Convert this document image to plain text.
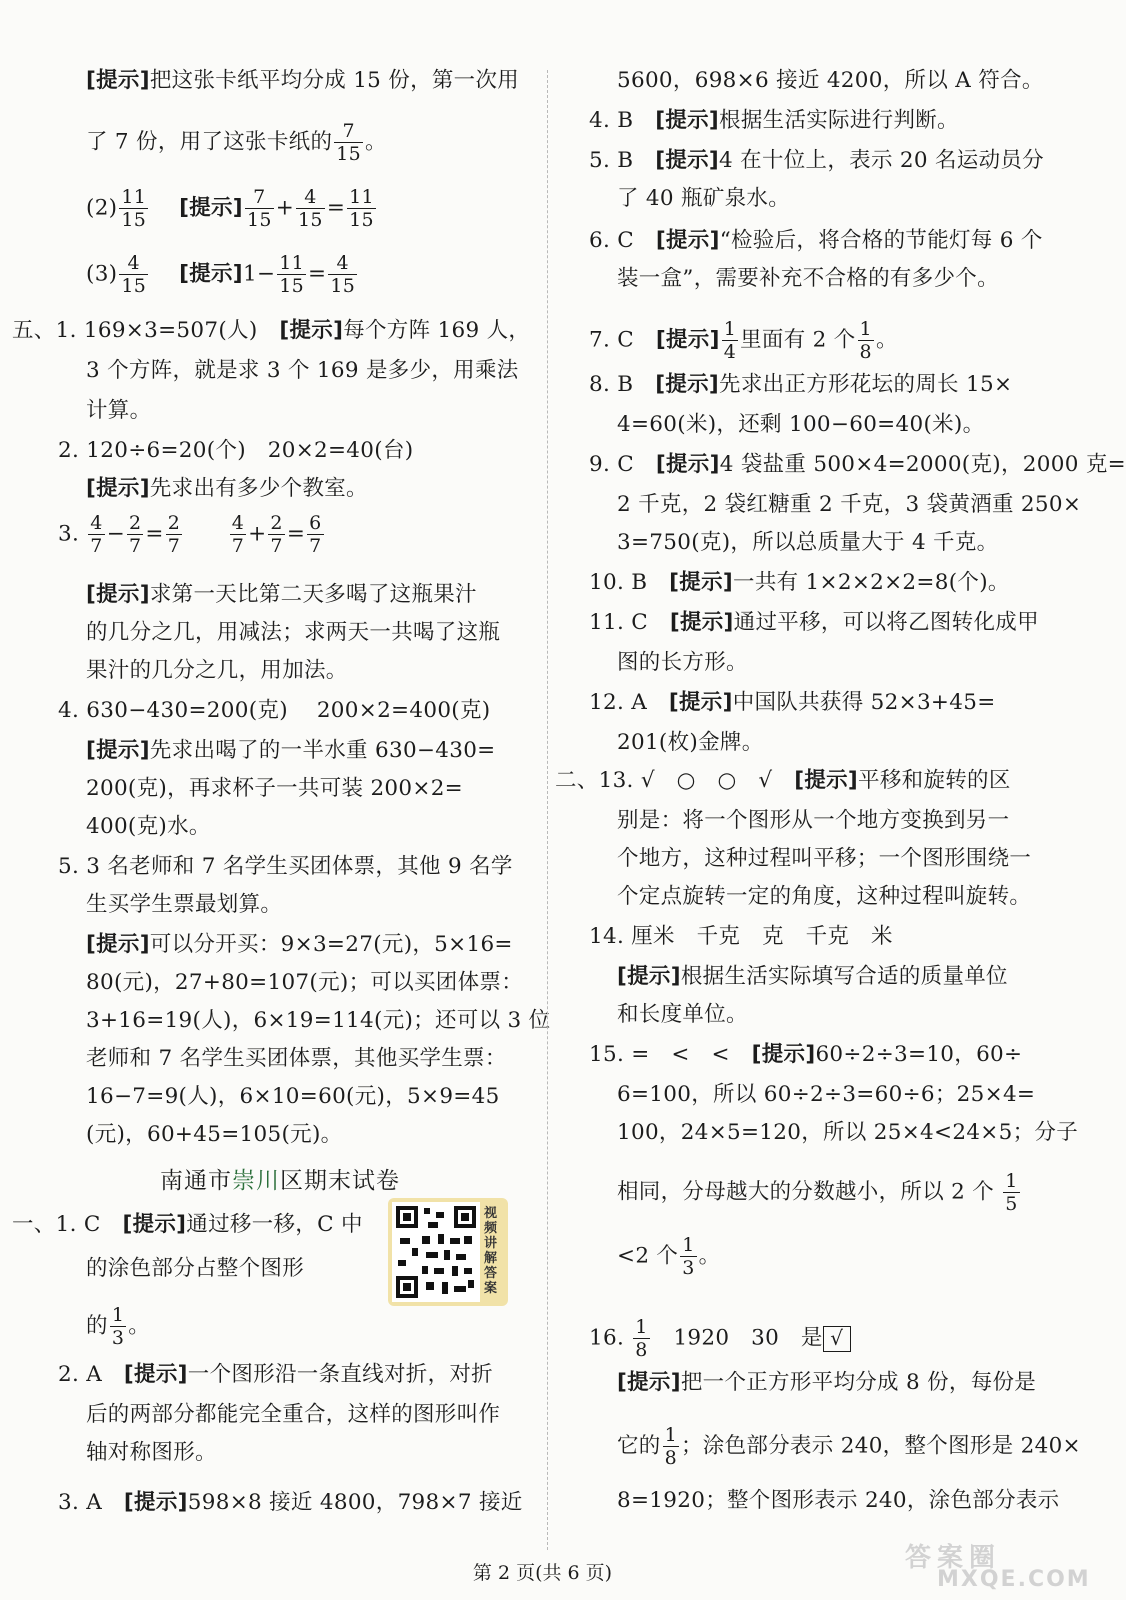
[提示]把这张卡纸平均分成 15 份，第一次用
了 7 份，用了这张卡纸的 $\frac{7}{15}$ 。
$(2) \frac{11}{15}$
　 [提示] $\frac{7}{15} + \frac{4}{15} = \frac{11}{15}$
$(3) \frac{4}{15}$
　 [提示]$1- \frac{11}{15} = \frac{4}{15}$
五、1. 169×3=507(人)　 [提示]每个方阵 169 人，
3 个方阵，就是求 3 个 169 是多少，用乘法
计算。
2. 120÷6=20(个)　20×2=40(台)
[提示]先求出有多少个教室。
3. $\frac{4}{7} - \frac{2}{7} = \frac{2}{7}$
　　	$\frac{4}{7} + \frac{2}{7} = \frac{6}{7}$
[提示]求第一天比第二天多喝了这瓶果汁
的几分之几，用减法；求两天一共喝了这瓶
果汁的几分之几，用加法。
4. 630−430=200(克)　 200×2=400(克)
[提示]先求出喝了的一半水重 630−430=
200(克)，再求杯子一共可装 200×2=
400(克)水。
5. 3 名老师和 7 名学生买团体票，其他 9 名学
生买学生票最划算。
[提示]可以分开买：9×3=27(元)，5×16=
80(元)，27+80=107(元)；可以买团体票：
3+16=19(人)，6×19=114(元)；还可以 3 位
老师和 7 名学生买团体票，其他买学生票：
16−7=9(人)，6×10=60(元)，5×9=45
(元)，60+45=105(元)。
南通市崇川区期末试卷
一、1. C　 [提示]通过移一移，C 中
的涂色部分占整个图形
的 $\frac{1}{3}$ 。
视频讲解答案
2. A　 [提示]一个图形沿一条直线对折，对折
后的两部分都能完全重合，这样的图形叫作
轴对称图形。
3. A　 [提示]598×8 接近 4800，798×7 接近
5600，698×6 接近 4200，所以 A 符合。
4. B　 [提示]根据生活实际进行判断。
5. B　 [提示]4 在十位上，表示 20 名运动员分
了 40 瓶矿泉水。
6. C　 [提示]“检验后，将合格的节能灯每 6 个
装一盒”，需要补充不合格的有多少个。
7. C　 [提示] $\frac{1}{4}$ 里面有 2 个 $\frac{1}{8}$ 。
8. B　 [提示]先求出正方形花坛的周长 15×
4=60(米)，还剩 100−60=40(米)。
9. C　 [提示]4 袋盐重 500×4=2000(克)，2000 克=
2 千克，2 袋红糖重 2 千克，3 袋黄酒重 250×
3=750(克)，所以总质量大于 4 千克。
10. B　 [提示]一共有 1×2×2×2=8(个)。
11. C　 [提示]通过平移，可以将乙图转化成甲
图的长方形。
12. A　 [提示]中国队共获得 52×3+45=
201(枚)金牌。
二、13. √　○　○　√　 [提示]平移和旋转的区
别是：将一个图形从一个地方变换到另一
个地方，这种过程叫平移；一个图形围绕一
个定点旋转一定的角度，这种过程叫旋转。
14. 厘米　千克　克　千克　米
[提示]根据生活实际填写合适的质量单位
和长度单位。
15. =　<　<　 [提示]60÷2÷3=10，60÷
6=100，所以 60÷2÷3=60÷6；25×4=
100，24×5=120，所以 25×4<24×5；分子
相同，分母越大的分数越小，所以 2 个 $\frac{1}{5}$
<2 个 $\frac{1}{3}$ 。
16. $\frac{1}{8}$
　 1920　30　是 √
[提示]把一个正方形平均分成 8 份，每份是
它的 $\frac{1}{8}$ ；涂色部分表示 240，整个图形是 240×
8=1920；整个图形表示 240，涂色部分表示
第 2 页(共 6 页)	答案圈
MXQE.COM
